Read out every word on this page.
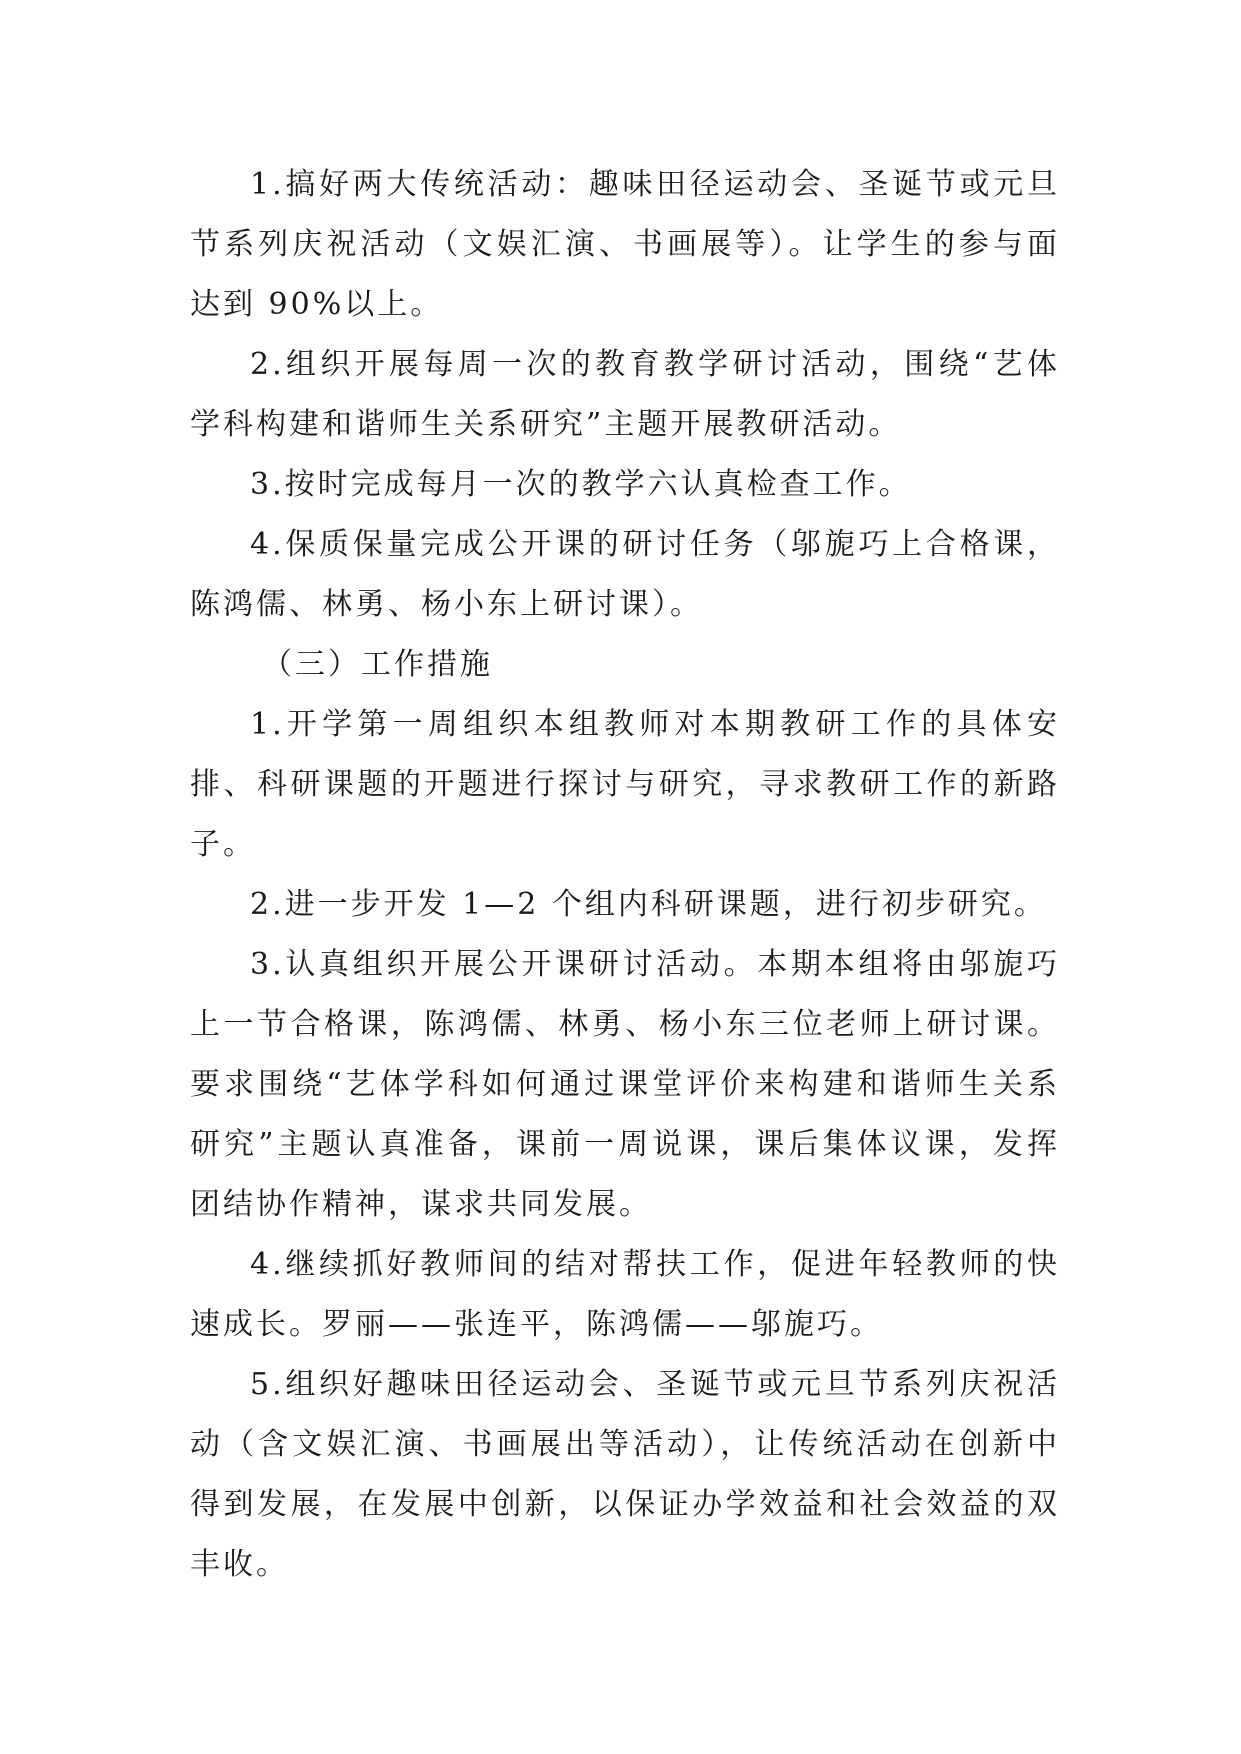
1.搞好两大传统活动：趣味田径运动会、圣诞节或元旦节系列庆祝活动（文娱汇演、书画展等）。让学生的参与面达到 90%以上。

2.组织开展每周一次的教育教学研讨活动，围绕“艺体学科构建和谐师生关系研究”主题开展教研活动。

3.按时完成每月一次的教学六认真检查工作。

4.保质保量完成公开课的研讨任务（邬旎巧上合格课，陈鸿儒、林勇、杨小东上研讨课）。

（三）工作措施

1.开学第一周组织本组教师对本期教研工作的具体安排、科研课题的开题进行探讨与研究，寻求教研工作的新路子。

2.进一步开发 1—2 个组内科研课题，进行初步研究。

3.认真组织开展公开课研讨活动。本期本组将由邬旎巧上一节合格课，陈鸿儒、林勇、杨小东三位老师上研讨课。要求围绕“艺体学科如何通过课堂评价来构建和谐师生关系研究”主题认真准备，课前一周说课，课后集体议课，发挥团结协作精神，谋求共同发展。

4.继续抓好教师间的结对帮扶工作，促进年轻教师的快速成长。罗丽——张连平，陈鸿儒——邬旎巧。

5.组织好趣味田径运动会、圣诞节或元旦节系列庆祝活动（含文娱汇演、书画展出等活动），让传统活动在创新中得到发展，在发展中创新，以保证办学效益和社会效益的双丰收。
